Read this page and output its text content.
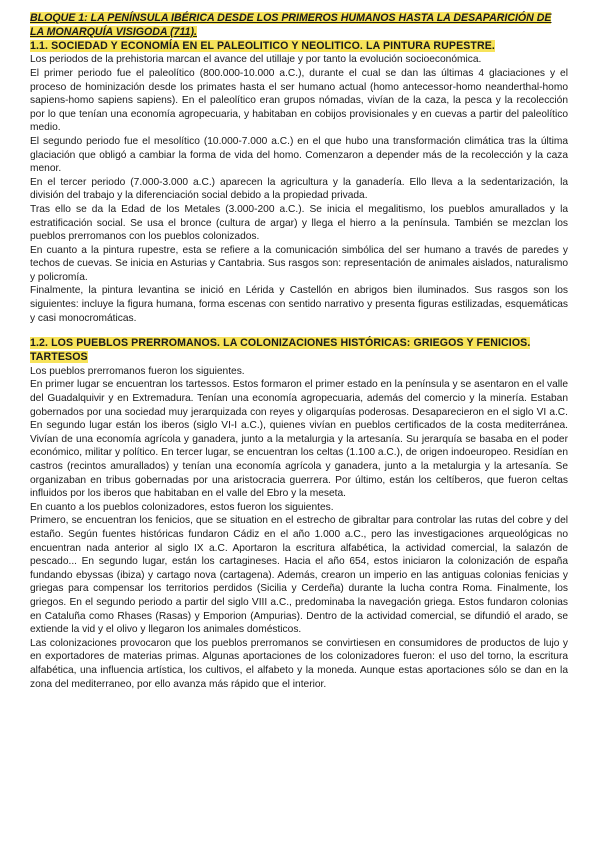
BLOQUE 1: LA PENÍNSULA IBÉRICA DESDE LOS PRIMEROS HUMANOS HASTA LA DESAPARICIÓN DE LA MONARQUÍA VISIGODA (711).
1.1. SOCIEDAD Y ECONOMÍA EN EL PALEOLITICO Y NEOLITICO. LA PINTURA RUPESTRE.

Los periodos de la prehistoria marcan el avance del utillaje y por tanto la evolución socioeconómica.

El primer periodo fue el paleolítico (800.000-10.000 a.C.), durante el cual se dan las últimas 4 glaciaciones y el proceso de hominización desde los primates hasta el ser humano actual (homo antecessor-homo neanderthal-homo sapiens-homo sapiens sapiens). En el paleolítico eran grupos nómadas, vivían de la caza, la pesca y la recolección por lo que tenían una economía agropecuaria, y habitaban en cobijos provisionales y en cuevas a partir del paleolítico medio.

El segundo periodo fue el mesolítico (10.000-7.000 a.C.) en el que hubo una transformación climática tras la última glaciación que obligó a cambiar la forma de vida del homo. Comenzaron a depender más de la recolección y la caza menor.

En el tercer periodo (7.000-3.000 a.C.) aparecen la agricultura y la ganadería. Ello lleva a la sedentarización, la división del trabajo y la diferenciación social debido a la propiedad privada.

Tras ello se da la Edad de los Metales (3.000-200 a.C.). Se inicia el megalitismo, los pueblos amurallados y la estratificación social. Se usa el bronce (cultura de argar) y llega el hierro a la península. También se mezclan los pueblos prerromanos con los pueblos colonizados.

En cuanto a la pintura rupestre, esta se refiere a la comunicación simbólica del ser humano a través de paredes y techos de cuevas. Se inicia en Asturias y Cantabria. Sus rasgos son: representación de animales aislados, naturalismo y policromía.

Finalmente, la pintura levantina se inició en Lérida y Castellón en abrigos bien iluminados. Sus rasgos son los siguientes: incluye la figura humana, forma escenas con sentido narrativo y presenta figuras estilizadas, esquemáticas y casi monocromáticas.

1.2. LOS PUEBLOS PRERROMANOS. LA COLONIZACIONES HISTÓRICAS: GRIEGOS Y FENICIOS. TARTESOS

Los pueblos prerromanos fueron los siguientes.

En primer lugar se encuentran los tartessos. Estos formaron el primer estado en la península y se asentaron en el valle del Guadalquivir y en Extremadura. Tenían una economía agropecuaria, además del comercio y la minería. Estaban gobernados por una sociedad muy jerarquizada con reyes y oligarquías poderosas. Desaparecieron en el siglo VI a.C. En segundo lugar están los iberos (siglo VI-I a.C.), quienes vivían en pueblos certificados de la costa mediterránea. Vivían de una economía agrícola y ganadera, junto a la metalurgia y la artesanía. Su jerarquía se basaba en el poder económico, militar y político. En tercer lugar, se encuentran los celtas (1.100 a.C.), de origen indoeuropeo. Residían en castros (recintos amurallados) y tenían una economía agrícola y ganadera, junto a la metalurgia y la artesanía. Se organizaban en tribus gobernadas por una aristocracia guerrera. Por último, están los celtíberos, que fueron celtas influidos por los iberos que habitaban en el valle del Ebro y la meseta.

En cuanto a los pueblos colonizadores, estos fueron los siguientes.

Primero, se encuentran los fenicios, que se situation en el estrecho de gibraltar para controlar las rutas del cobre y del estaño. Según fuentes históricas fundaron Cádiz en el año 1.000 a.C., pero las investigaciones arqueológicas no encuentran nada anterior al siglo IX a.C. Aportaron la escritura alfabética, la actividad comercial, la salazón de pescado... En segundo lugar, están los cartagineses. Hacia el año 654, estos iniciaron la colonización de españa fundando ebyssas (ibiza) y cartago nova (cartagena). Además, crearon un imperio en las antiguas colonias fenicias y griegas para compensar los territorios perdidos (Sicilia y Cerdeña) durante la lucha contra Roma. Finalmente, los griegos. En el segundo periodo a partir del siglo VIII a.C., predominaba la navegación griega. Estos fundaron colonias en Cataluña como Rhases (Rasas) y Emporion (Ampurias). Dentro de la actividad comercial, se difundió el arado, se extiende la vid y el olivo y llegaron los animales domésticos.

Las colonizaciones provocaron que los pueblos prerromanos se convirtiesen en consumidores de productos de lujo y en exportadores de materias primas. Algunas aportaciones de los colonizadores fueron: el uso del torno, la escritura alfabética, una influencia artística, los cultivos, el alfabeto y la moneda. Aunque estas aportaciones sólo se dan en la zona del mediterraneo, por ello avanza más rápido que el interior.
